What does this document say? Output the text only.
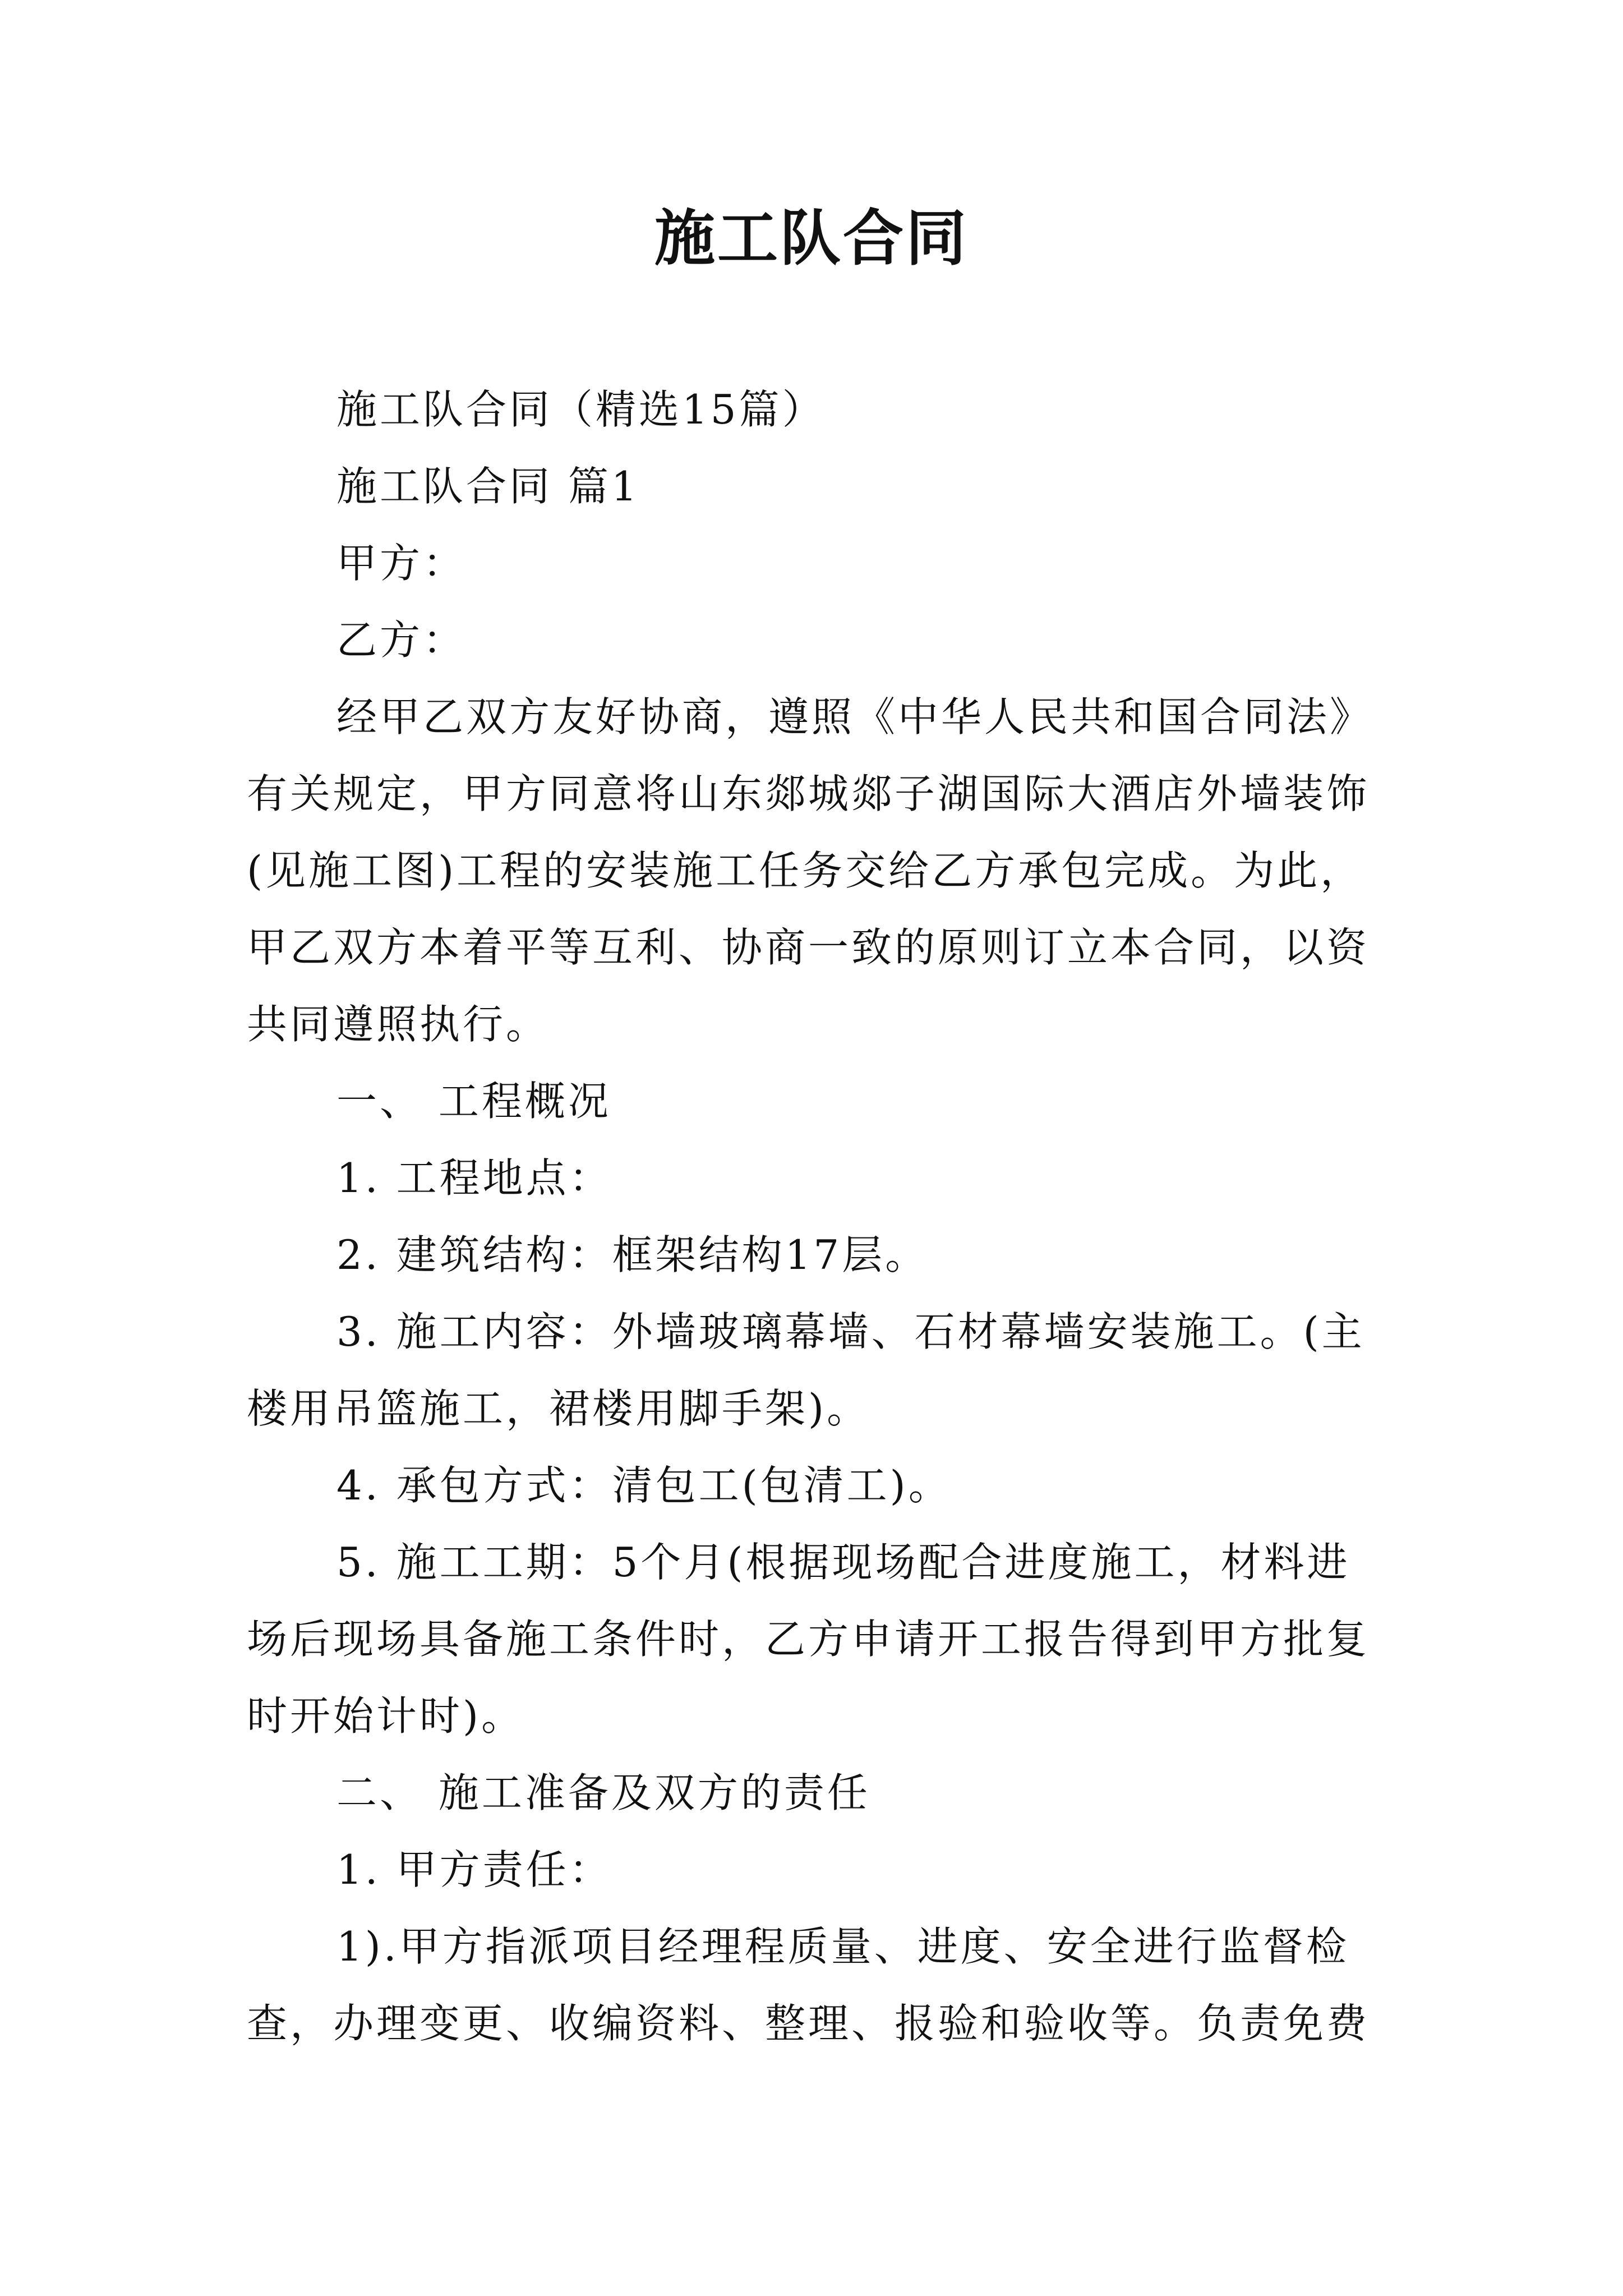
施工队合同

施工队合同（精选15篇）

施工队合同 篇1

甲方：

乙方：

经甲乙双方友好协商，遵照《中华人民共和国合同法》有关规定，甲方同意将山东郯城郯子湖国际大酒店外墙装饰(见施工图)工程的安装施工任务交给乙方承包完成。为此，甲乙双方本着平等互利、协商一致的原则订立本合同，以资共同遵照执行。

一、 工程概况

1. 工程地点：

2. 建筑结构：框架结构17层。

3. 施工内容：外墙玻璃幕墙、石材幕墙安装施工。(主楼用吊篮施工，裙楼用脚手架)。

4. 承包方式：清包工(包清工)。

5. 施工工期：5个月(根据现场配合进度施工，材料进场后现场具备施工条件时，乙方申请开工报告得到甲方批复时开始计时)。

二、 施工准备及双方的责任

1. 甲方责任：

1).甲方指派项目经理程质量、进度、安全进行监督检查，办理变更、收编资料、整理、报验和验收等。负责免费
